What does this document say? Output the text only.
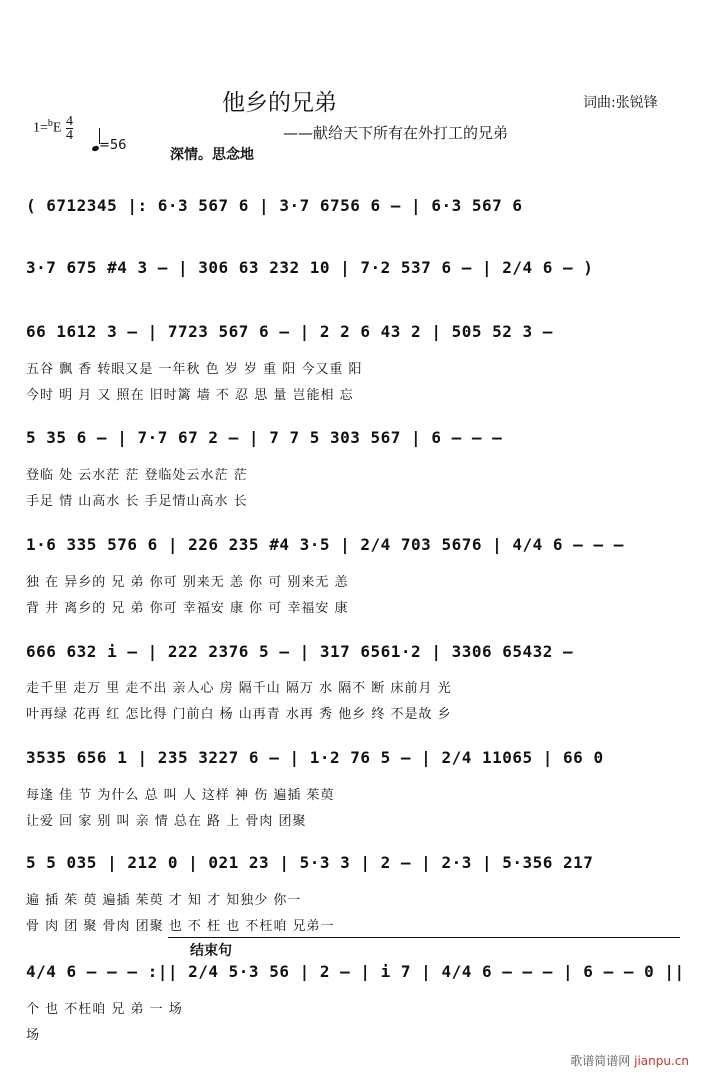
他乡的兄弟	词曲:张锐锋
——献给天下所有在外打工的兄弟
$1=^bE \frac{4}{4}$
=56
深情。思念地
( 6712345 |: 6·3 567 6 | 3·7 6756 6 – | 6·3 567 6
3·7 675 #4 3 – | 306 63 232 10 | 7·2 537 6 – | 2/4 6 – )
66 1612 3 – | 7723 567 6 – | 2 2 6 43 2 | 505 52 3 –
五谷 飘 香 转眼又是 一年秋 色 岁 岁 重 阳 今又重 阳
今时 明 月 又 照在 旧时篱 墙 不 忍 思 量 岂能相 忘
5 35 6 – | 7·7 67 2 – | 7 7 5 303 567 | 6 – – –
登临 处 云水茫 茫 登临处云水茫 茫
手足 情 山高水 长 手足情山高水 长
1·6 335 576 6 | 226 235 #4 3·5 | 2/4 703 5676 | 4/4 6 – – –
独 在 异乡的 兄 弟 你可 别来无 恙 你 可 别来无 恙
背 井 离乡的 兄 弟 你可 幸福安 康 你 可 幸福安 康
666 632 i – | 222 2376 5 – | 317 6561·2 | 3306 65432 –
走千里 走万 里 走不出 亲人心 房 隔千山 隔万 水 隔不 断 床前月 光
叶再绿 花再 红 怎比得 门前白 杨 山再青 水再 秀 他乡 终 不是故 乡
3535 656 1 | 235 3227 6 – | 1·2 76 5 – | 2/4 11065 | 66 0
每逢 佳 节 为什么 总 叫 人 这样 神 伤 遍插 茱萸
让爱 回 家 别 叫 亲 情 总在 路 上 骨肉 团聚
5 5 035 | 212 0 | 021 23 | 5·3 3 | 2 – | 2·3 | 5·356 217
遍 插 茱 萸 遍插 茱萸 才 知 才 知独少 你一
骨 肉 团 聚 骨肉 团聚 也 不 枉 也 不枉咱 兄弟一
结束句
4/4 6 – – – :|| 2/4 5·3 56 | 2 – | i 7 | 4/4 6 – – – | 6 – – 0 ||
个 也 不枉咱 兄 弟 一 场
场
歌谱简谱网 jianpu.cn
